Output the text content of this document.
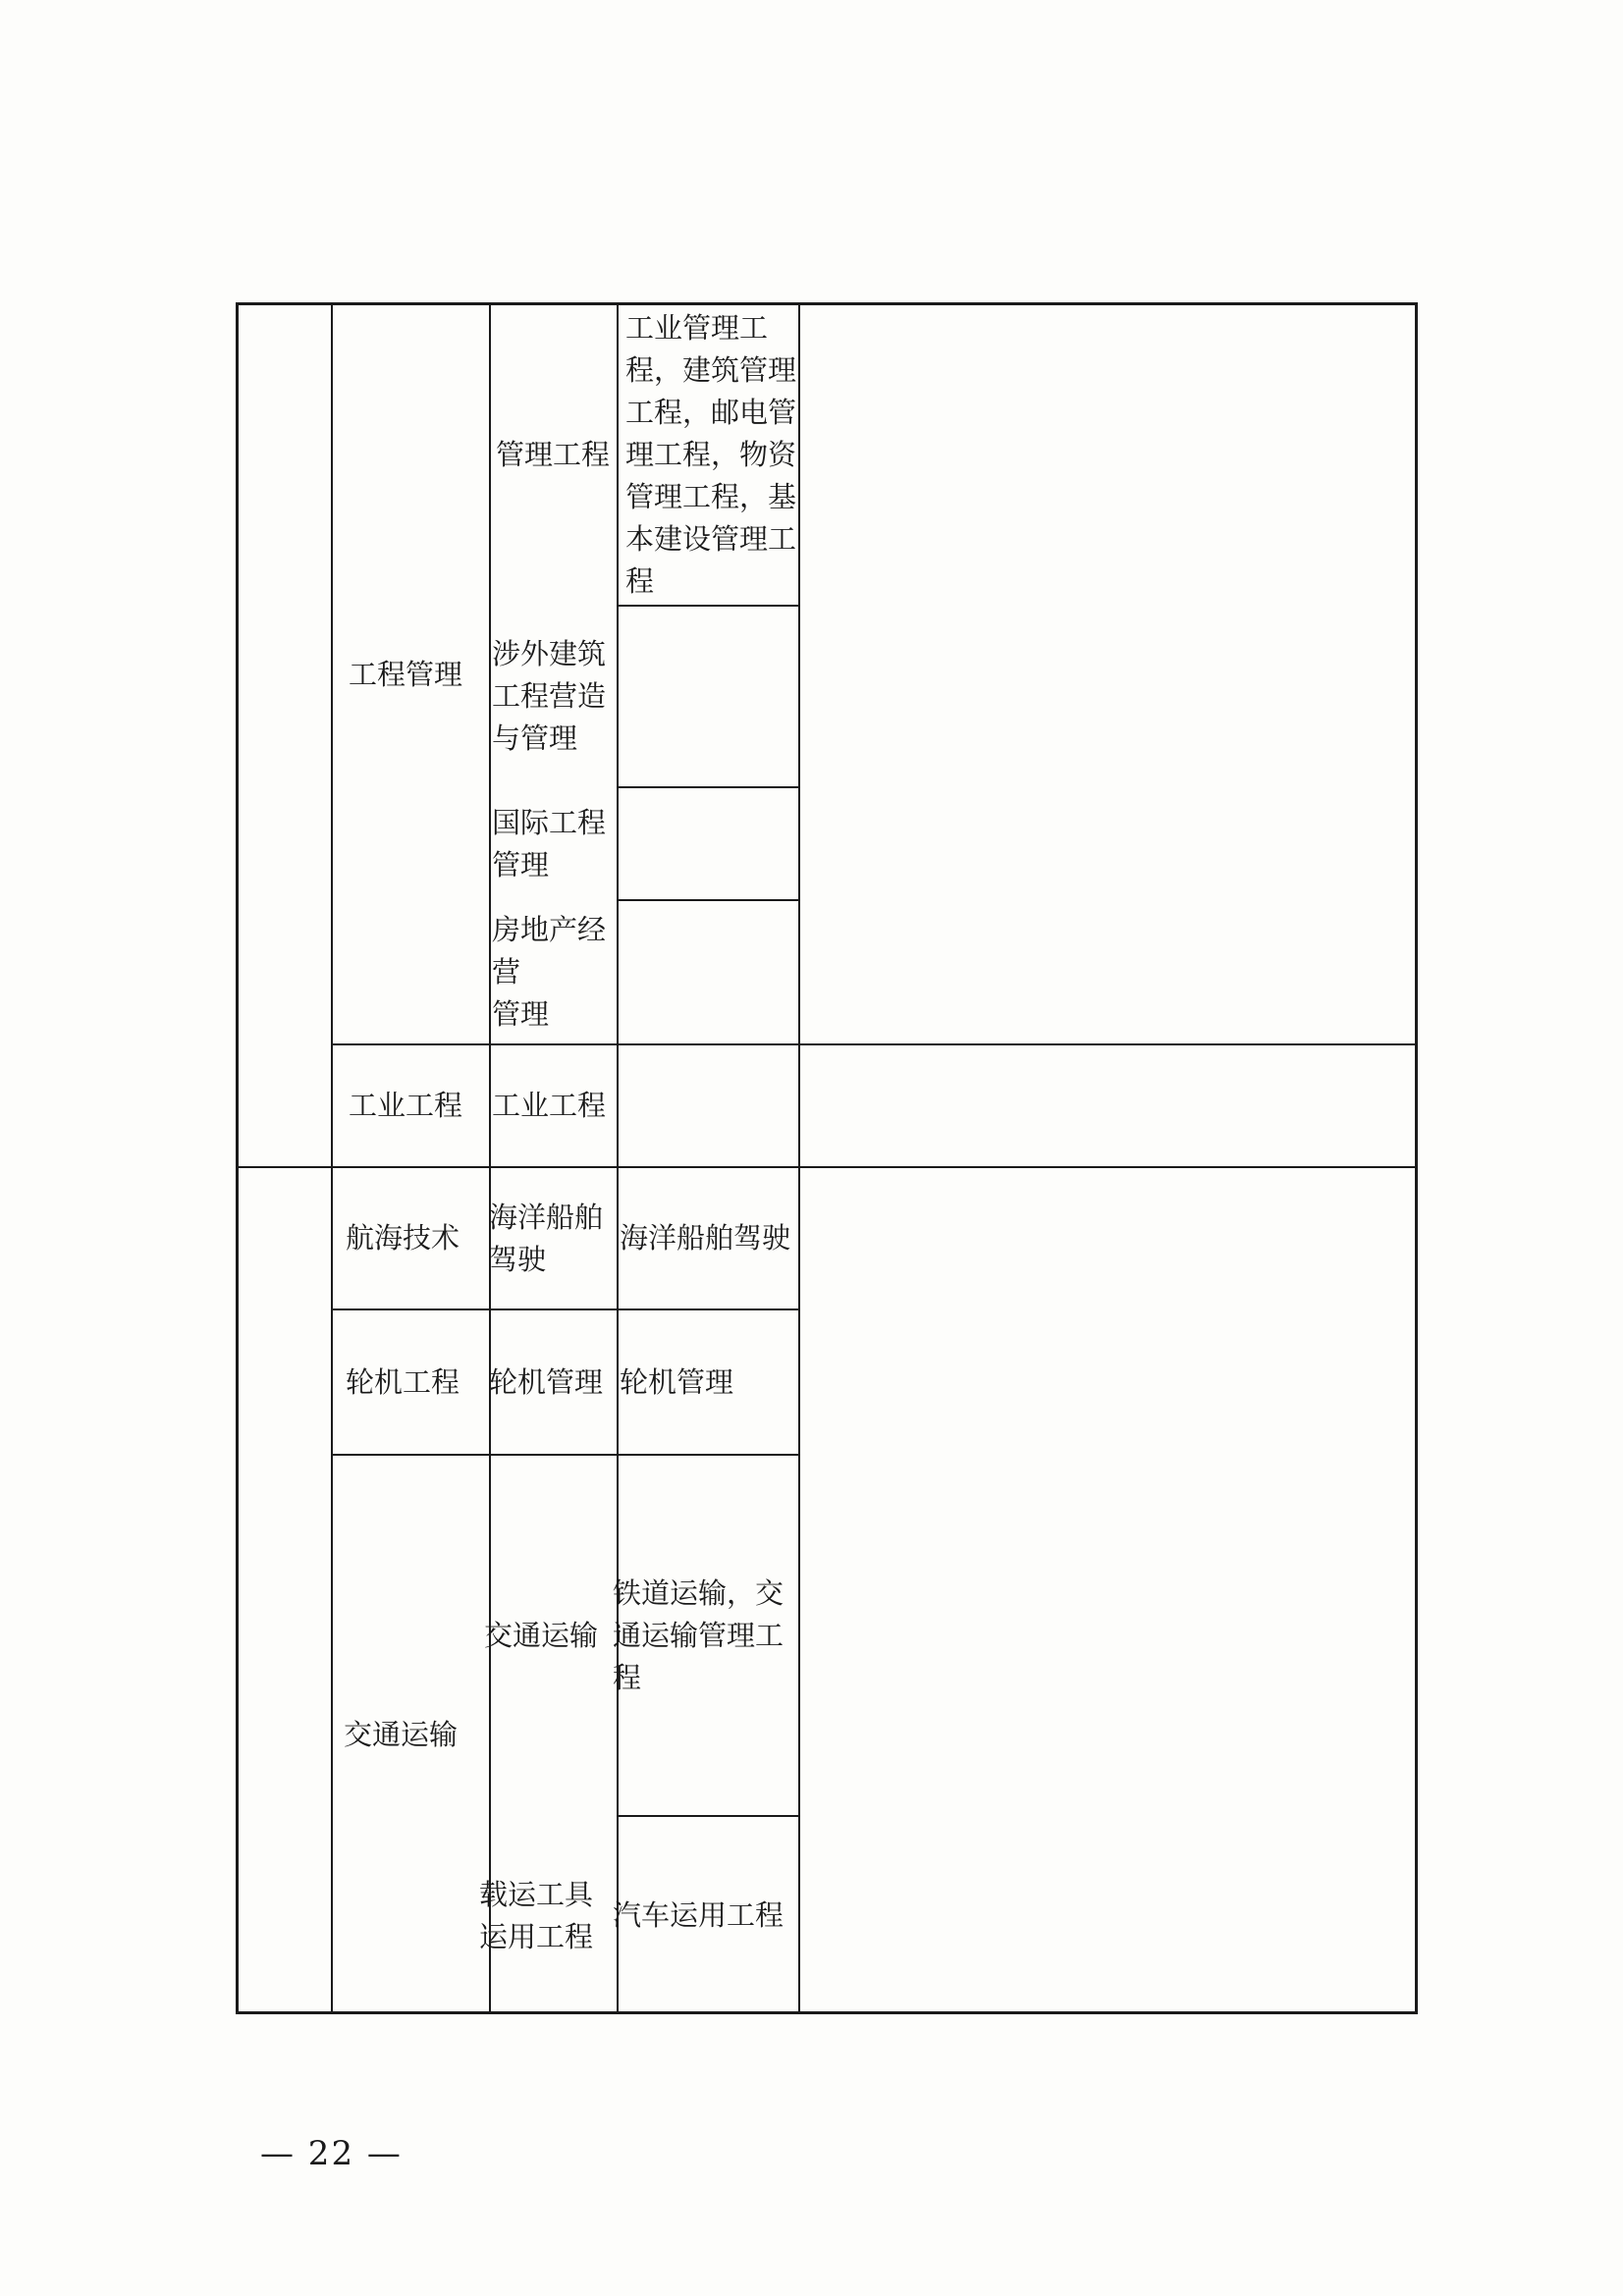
工程管理
管理工程
工业管理工
程，建筑管理
工程，邮电管
理工程，物资
管理工程，基
本建设管理工
程
涉外建筑
工程营造
与管理
国际工程
管理
房地产经营
管理
工业工程 工业工程
航海技术
海洋船舶
驾驶
海洋船舶驾驶
轮机工程 轮机管理 轮机管理
交通运输
交通运输
铁道运输，交
通运输管理工
程
载运工具
运用工程
汽车运用工程
— 22 —
